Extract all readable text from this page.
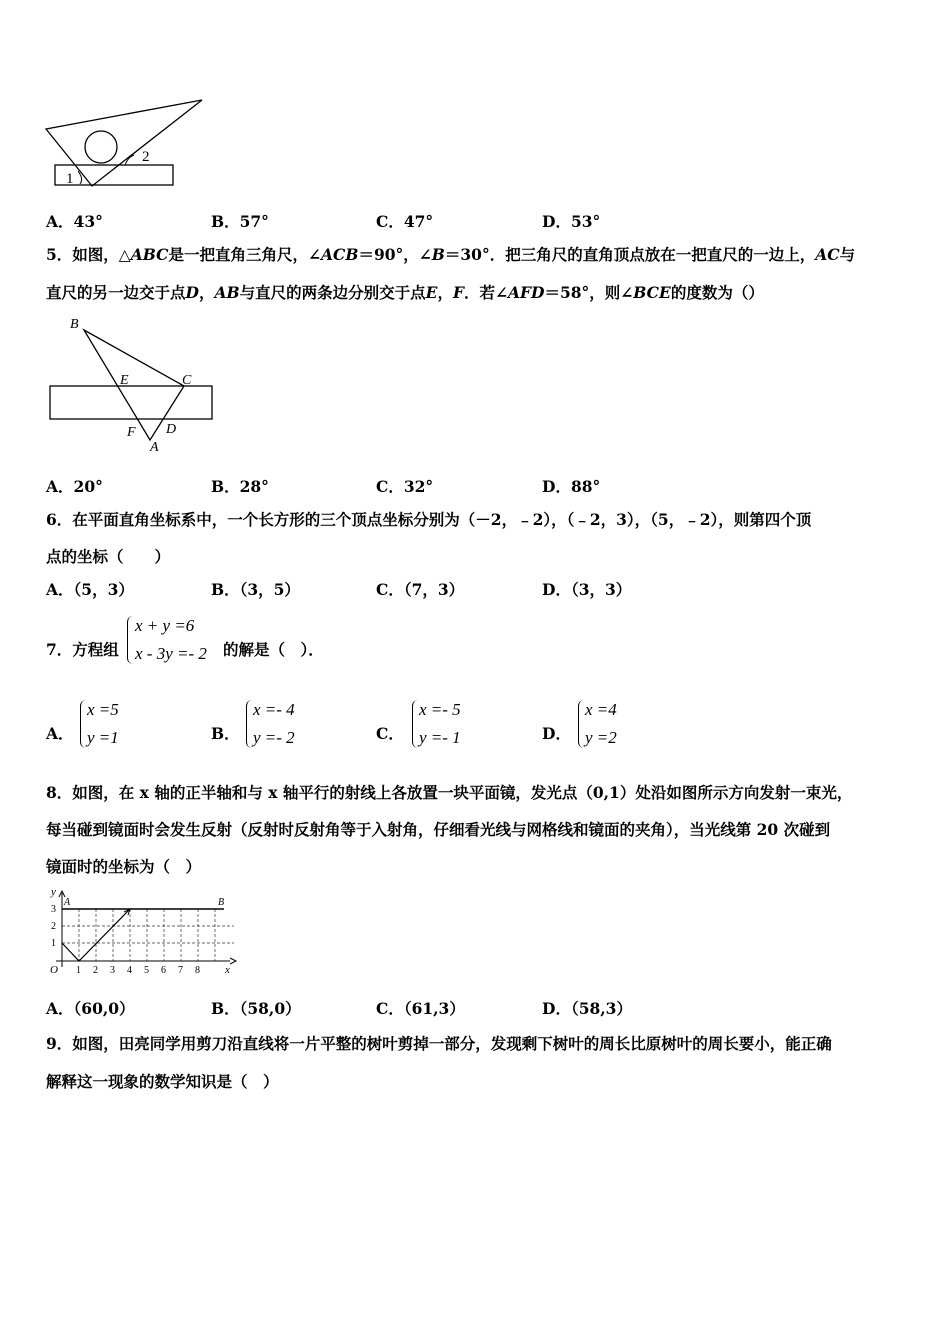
1
2
A．43°	B．57°	C．47°	D．53°
5．如图，△ABC是一把直角三角尺，∠ACB＝90°，∠B＝30°．把三角尺的直角顶点放在一把直尺的一边上，AC与
直尺的另一边交于点D，AB与直尺的两条边分别交于点E，F．若∠AFD＝58°，则∠BCE的度数为（）
B
E	C
F D
A
A．20°	B．28°	C．32°	D．88°
6．在平面直角坐标系中，一个长方形的三个顶点坐标分别为（－2，﹣2），（﹣2，3），（5，﹣2），则第四个顶
点的坐标（　　）
A．（5，3）	B．（3，5）	C．（7，3）	D．（3，3）
7．方程组
x + y =6
x - 3y =- 2 的解是（　）．
A．
x =5
y =1	B．
x =- 4
y =- 2	C．
x =- 5
y =- 1	D．
x =4
y =2
8．如图，在 x 轴的正半轴和与 x 轴平行的射线上各放置一块平面镜，发光点（0,1）处沿如图所示方向发射一束光，
每当碰到镜面时会发生反射（反射时反射角等于入射角，仔细看光线与网格线和镜面的夹角），当光线第 20 次碰到
镜面时的坐标为（　）
1 2 3 4 5 6 7 8
1
2
3
O	x
y
A	B
A．（60,0）	B．（58,0）	C．（61,3）	D．（58,3）
9．如图，田亮同学用剪刀沿直线将一片平整的树叶剪掉一部分，发现剩下树叶的周长比原树叶的周长要小，能正确
解释这一现象的数学知识是（　）
